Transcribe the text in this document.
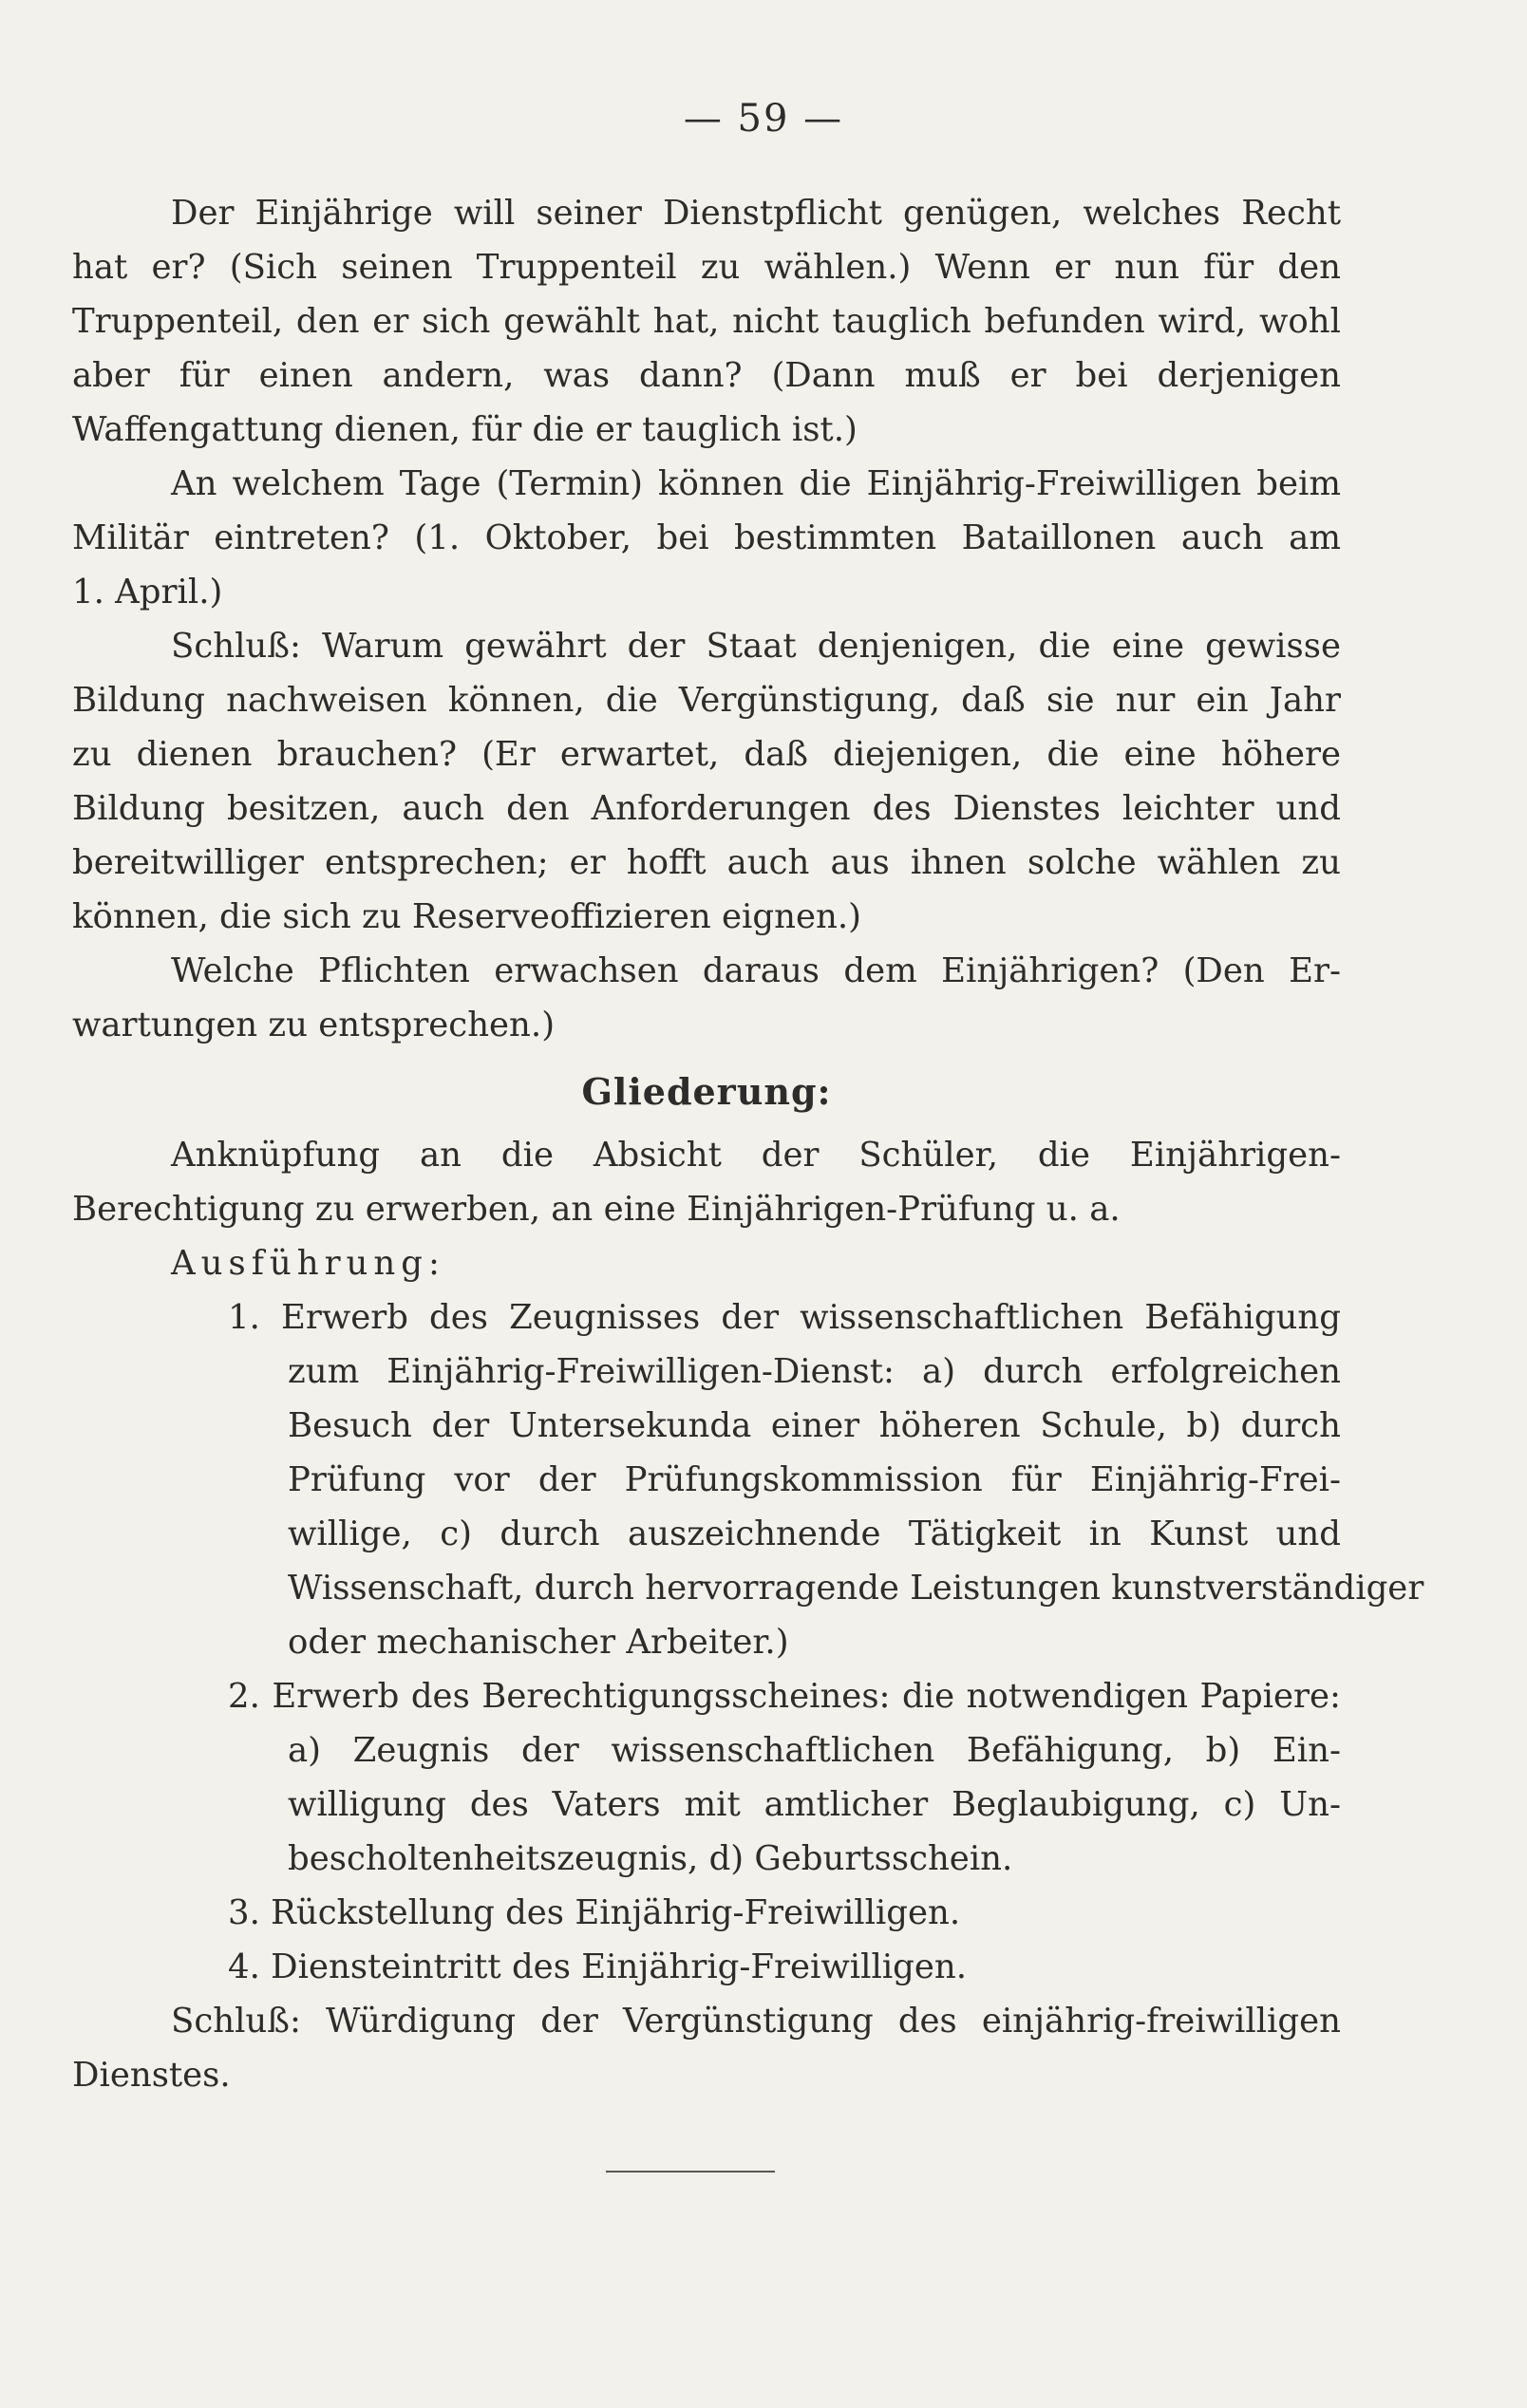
— 59 —
Der Einjährige will seiner Dienstpflicht genügen, welches Recht
hat er? (Sich seinen Truppenteil zu wählen.) Wenn er nun für den
Truppenteil, den er sich gewählt hat, nicht tauglich befunden wird, wohl
aber für einen andern, was dann? (Dann muß er bei derjenigen
Waffengattung dienen, für die er tauglich ist.)
An welchem Tage (Termin) können die Einjährig-Freiwilligen beim
Militär eintreten? (1. Oktober, bei bestimmten Bataillonen auch am
1. April.)
Schluß: Warum gewährt der Staat denjenigen, die eine gewisse
Bildung nachweisen können, die Vergünstigung, daß sie nur ein Jahr
zu dienen brauchen? (Er erwartet, daß diejenigen, die eine höhere
Bildung besitzen, auch den Anforderungen des Dienstes leichter und
bereitwilliger entsprechen; er hofft auch aus ihnen solche wählen zu
können, die sich zu Reserveoffizieren eignen.)
Welche Pflichten erwachsen daraus dem Einjährigen? (Den Er-
wartungen zu entsprechen.)
Gliederung:
Anknüpfung an die Absicht der Schüler, die Einjährigen-
Berechtigung zu erwerben, an eine Einjährigen-Prüfung u. a.
Ausführung:
1. Erwerb des Zeugnisses der wissenschaftlichen Befähigung
zum Einjährig-Freiwilligen-Dienst: a) durch erfolgreichen
Besuch der Untersekunda einer höheren Schule, b) durch
Prüfung vor der Prüfungskommission für Einjährig-Frei-
willige, c) durch auszeichnende Tätigkeit in Kunst und
Wissenschaft, durch hervorragende Leistungen kunstverständiger
oder mechanischer Arbeiter.)
2. Erwerb des Berechtigungsscheines: die notwendigen Papiere:
a) Zeugnis der wissenschaftlichen Befähigung, b) Ein-
willigung des Vaters mit amtlicher Beglaubigung, c) Un-
bescholtenheitszeugnis, d) Geburtsschein.
3. Rückstellung des Einjährig-Freiwilligen.
4. Diensteintritt des Einjährig-Freiwilligen.
Schluß: Würdigung der Vergünstigung des einjährig-freiwilligen
Dienstes.
